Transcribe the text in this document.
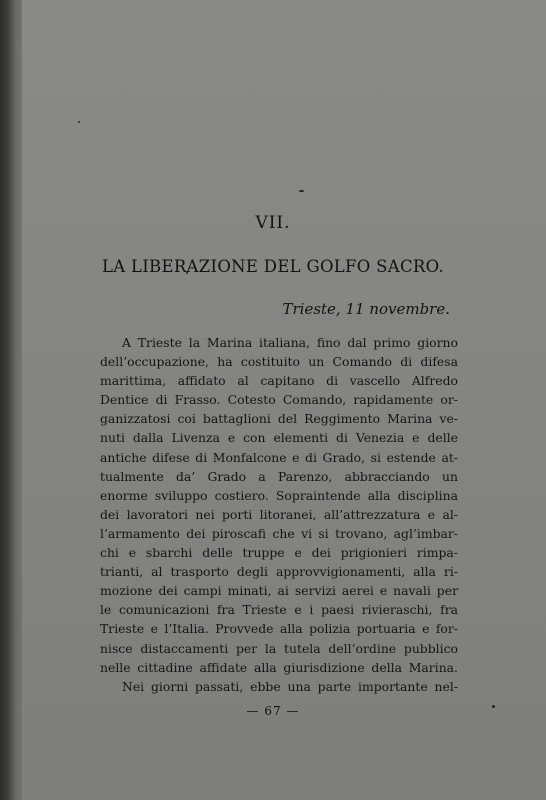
VII.
LA LIBERAZIONE DEL GOLFO SACRO.
Trieste, 11 novembre.
A Trieste la Marina italiana, fino dal primo giorno
dell’occupazione, ha costituito un Comando di difesa
marittima, affidato al capitano di vascello Alfredo
Dentice di Frasso. Cotesto Comando, rapidamente or-
ganizzatosi coi battaglioni del Reggimento Marina ve-
nuti dalla Livenza e con elementi di Venezia e delle
antiche difese di Monfalcone e di Grado, si estende at-
tualmente da’ Grado a Parenzo, abbracciando un
enorme sviluppo costiero. Sopraintende alla disciplina
dei lavoratori nei porti litoranei, all’attrezzatura e al-
l’armamento dei piroscafi che vi si trovano, agl’imbar-
chi e sbarchi delle truppe e dei prigionieri rimpa-
trianti, al trasporto degli approvvigionamenti, alla ri-
mozione dei campi minati, ai servizi aerei e navali per
le comunicazioni fra Trieste e i paesi rivieraschi, fra
Trieste e l’Italia. Provvede alla polizia portuaria e for-
nisce distaccamenti per la tutela dell’ordine pubblico
nelle cittadine affidate alla giurisdizione della Marina.
Nei giorni passati, ebbe una parte importante nel-
— 67 —
